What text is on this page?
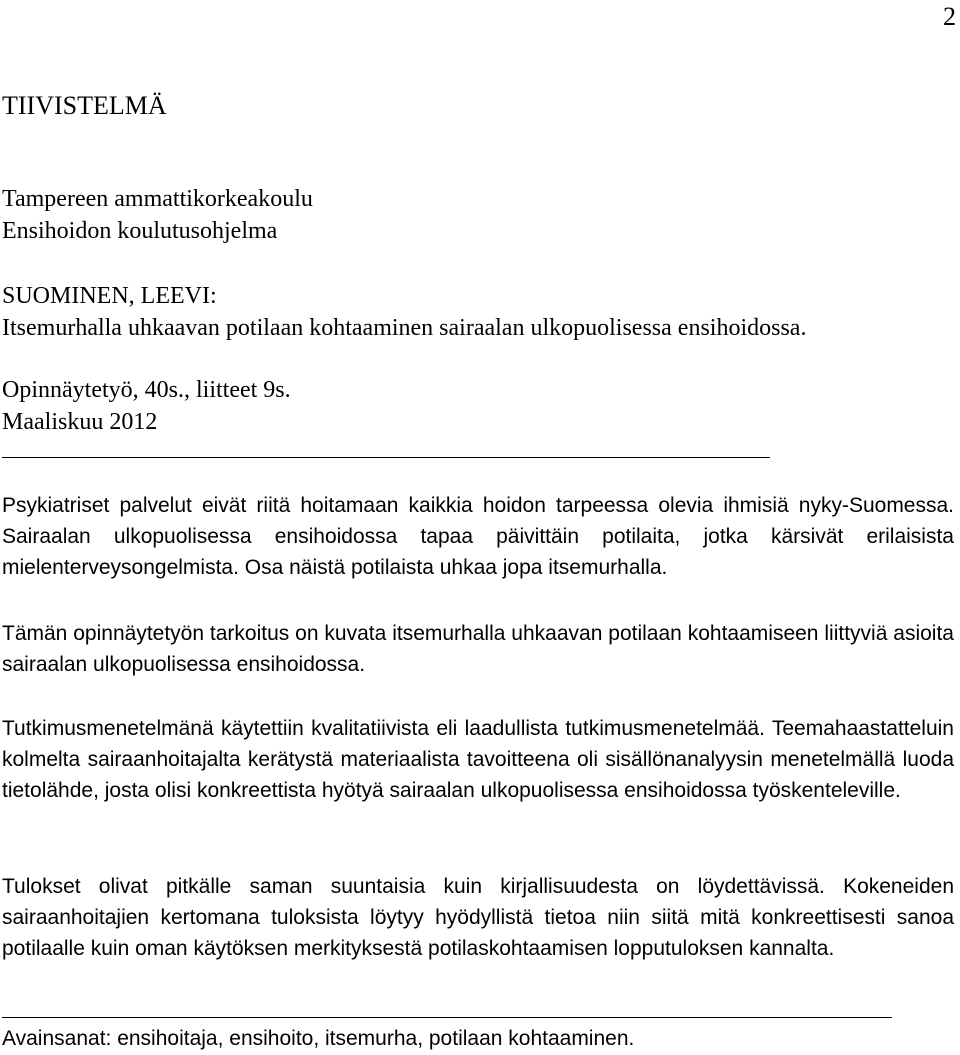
2
TIIVISTELMÄ
Tampereen ammattikorkeakoulu
Ensihoidon koulutusohjelma
SUOMINEN, LEEVI:
Itsemurhalla uhkaavan potilaan kohtaaminen sairaalan ulkopuolisessa ensihoidossa.
Opinnäytetyö, 40s., liitteet 9s.
Maaliskuu 2012

Psykiatriset palvelut eivät riitä hoitamaan kaikkia hoidon tarpeessa olevia ihmisiä nyky-Suomessa. Sairaalan ulkopuolisessa ensihoidossa tapaa päivittäin potilaita, jotka kärsivät erilaisista mielenterveysongelmista. Osa näistä potilaista uhkaa jopa itsemurhalla.

Tämän opinnäytetyön tarkoitus on kuvata itsemurhalla uhkaavan potilaan kohtaamiseen liittyviä asioita sairaalan ulkopuolisessa ensihoidossa.

Tutkimusmenetelmänä käytettiin kvalitatiivista eli laadullista tutkimusmenetelmää. Teemahaastatteluin kolmelta sairaanhoitajalta kerätystä materiaalista tavoitteena oli sisällönanalyysin menetelmällä luoda tietolähde, josta olisi konkreettista hyötyä sairaalan ulkopuolisessa ensihoidossa työskenteleville.

Tulokset olivat pitkälle saman suuntaisia kuin kirjallisuudesta on löydettävissä. Kokeneiden sairaanhoitajien kertomana tuloksista löytyy hyödyllistä tietoa niin siitä mitä konkreettisesti sanoa potilaalle kuin oman käytöksen merkityksestä potilaskohtaamisen lopputuloksen kannalta.

Avainsanat: ensihoitaja, ensihoito, itsemurha, potilaan kohtaaminen.
